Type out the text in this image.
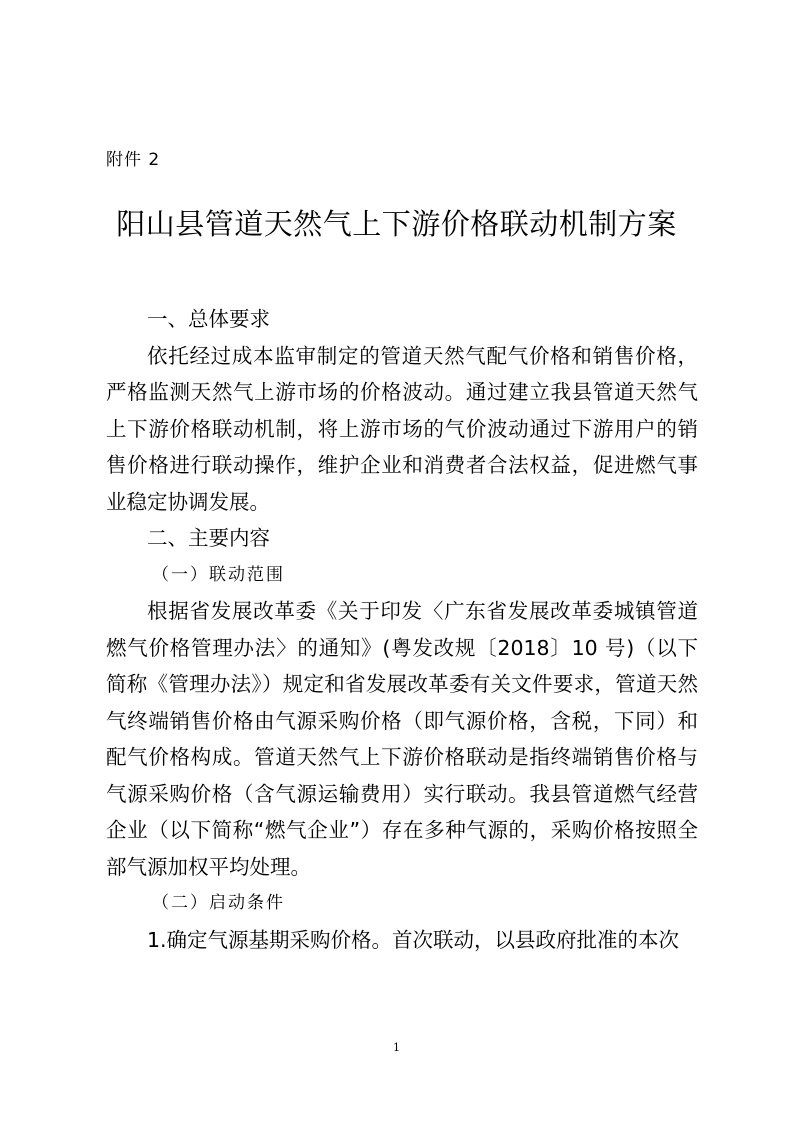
附件 2
阳山县管道天然气上下游价格联动机制方案
一、总体要求
依托经过成本监审制定的管道天然气配气价格和销售价格，严格监测天然气上游市场的价格波动。通过建立我县管道天然气上下游价格联动机制，将上游市场的气价波动通过下游用户的销售价格进行联动操作，维护企业和消费者合法权益，促进燃气事业稳定协调发展。
二、主要内容
（一）联动范围
根据省发展改革委《关于印发〈广东省发展改革委城镇管道燃气价格管理办法〉的通知》(粤发改规〔2018〕10 号)（以下简称《管理办法》）规定和省发展改革委有关文件要求，管道天然气终端销售价格由气源采购价格（即气源价格，含税，下同）和配气价格构成。管道天然气上下游价格联动是指终端销售价格与气源采购价格（含气源运输费用）实行联动。我县管道燃气经营企业（以下简称“燃气企业”）存在多种气源的，采购价格按照全部气源加权平均处理。
（二）启动条件
1.确定气源基期采购价格。首次联动，以县政府批准的本次
1
